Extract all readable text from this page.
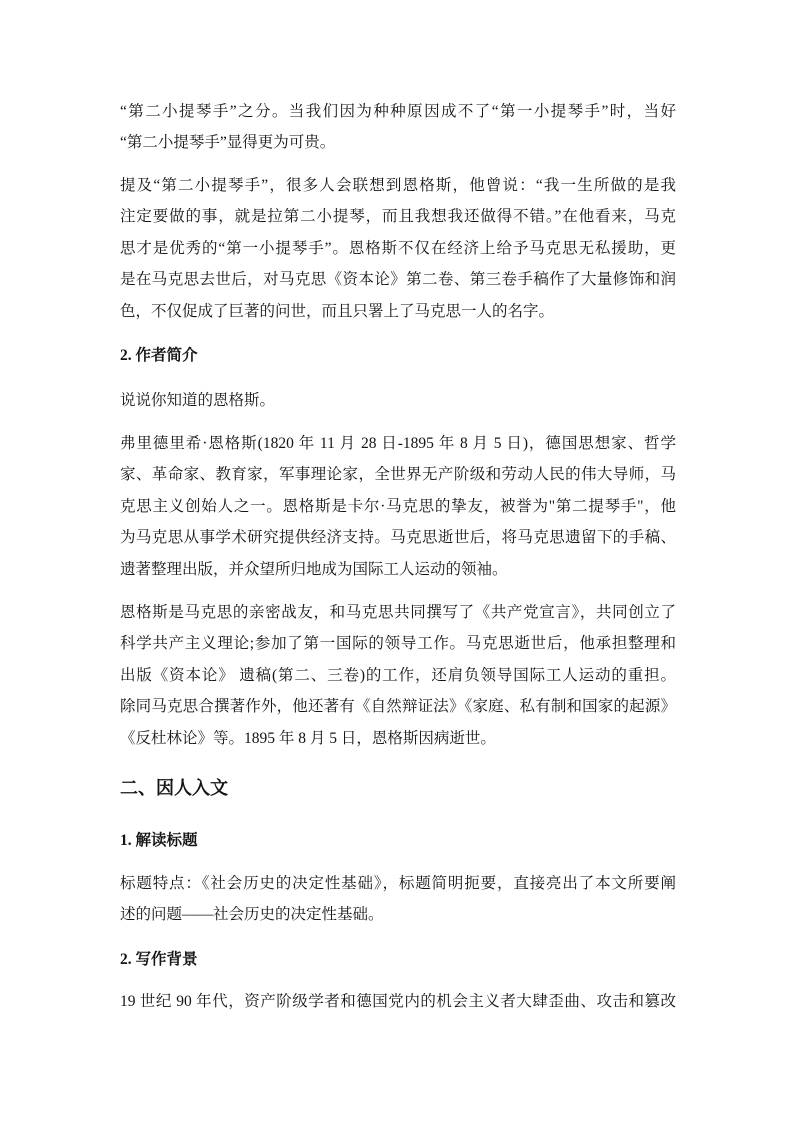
“第二小提琴手”之分。当我们因为种种原因成不了“第一小提琴手”时，当好
“第二小提琴手”显得更为可贵。
提及“第二小提琴手”，很多人会联想到恩格斯，他曾说：“我一生所做的是我
注定要做的事，就是拉第二小提琴，而且我想我还做得不错。”在他看来，马克
思才是优秀的“第一小提琴手”。恩格斯不仅在经济上给予马克思无私援助，更
是在马克思去世后，对马克思《资本论》第二卷、第三卷手稿作了大量修饰和润
色，不仅促成了巨著的问世，而且只署上了马克思一人的名字。
2. 作者简介
说说你知道的恩格斯。
弗里德里希·恩格斯(1820 年 11 月 28 日-1895 年 8 月 5 日)，德国思想家、哲学
家、革命家、教育家，军事理论家，全世界无产阶级和劳动人民的伟大导师，马
克思主义创始人之一。恩格斯是卡尔·马克思的挚友，被誉为"第二提琴手"，他
为马克思从事学术研究提供经济支持。马克思逝世后，将马克思遗留下的手稿、
遗著整理出版，并众望所归地成为国际工人运动的领袖。
恩格斯是马克思的亲密战友，和马克思共同撰写了《共产党宣言》，共同创立了
科学共产主义理论;参加了第一国际的领导工作。马克思逝世后，他承担整理和
出版《资本论》 遗稿(第二、三卷)的工作，还肩负领导国际工人运动的重担。
除同马克思合撰著作外，他还著有《自然辩证法》《家庭、私有制和国家的起源》
《反杜林论》等。1895 年 8 月 5 日，恩格斯因病逝世。
二、因人入文
1. 解读标题
标题特点：《社会历史的决定性基础》，标题简明扼要，直接亮出了本文所要阐
述的问题——社会历史的决定性基础。
2. 写作背景
19 世纪 90 年代，资产阶级学者和德国党内的机会主义者大肆歪曲、攻击和篡改
